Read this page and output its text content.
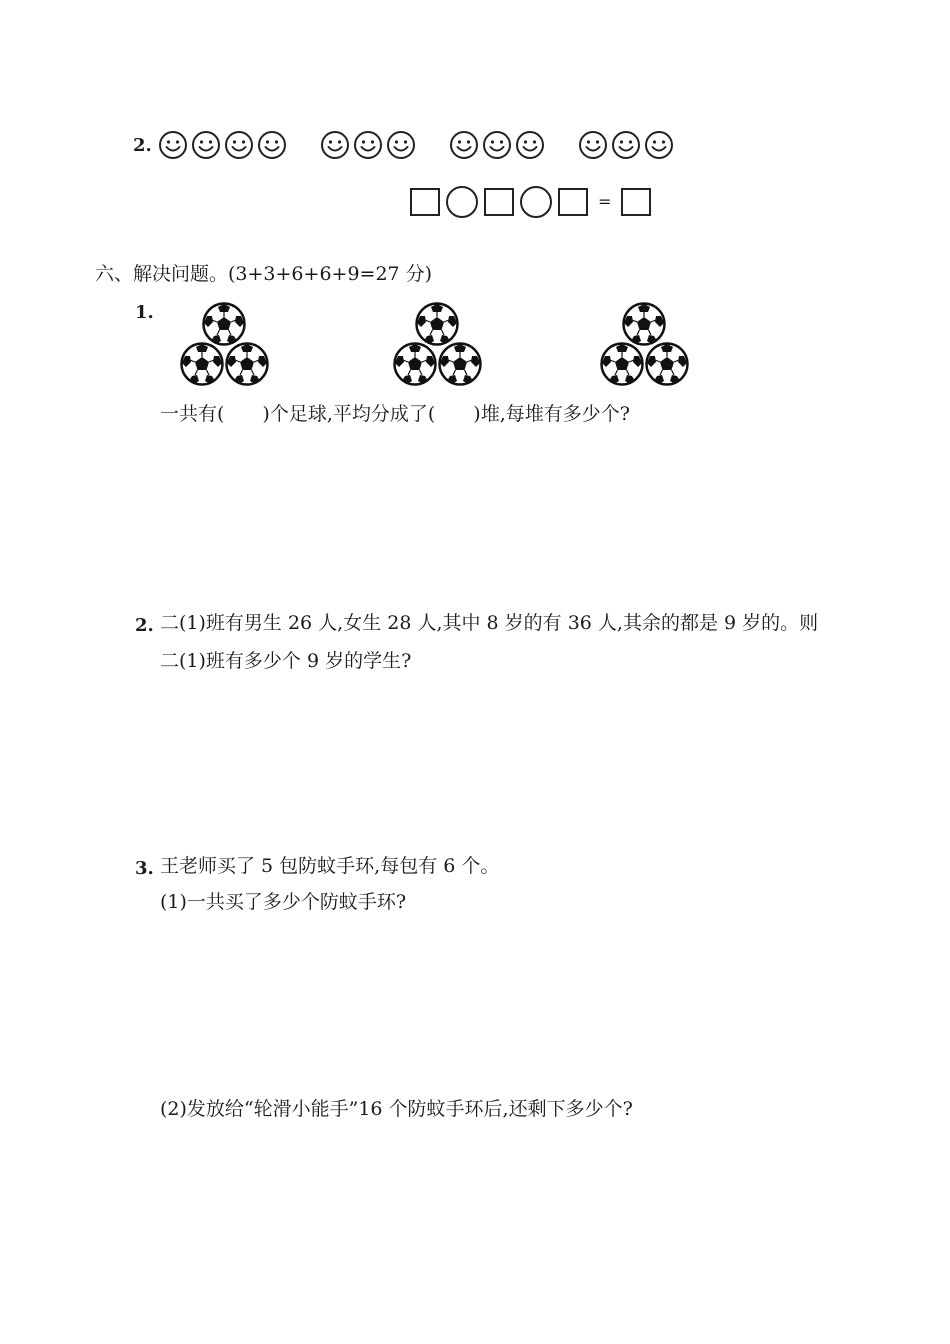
2.
=
六、解决问题。(3+3+6+6+9=27 分)
1.
一共有(　　)个足球,平均分成了(　　)堆,每堆有多少个?
2. 二(1)班有男生 26 人,女生 28 人,其中 8 岁的有 36 人,其余的都是 9 岁的。则
二(1)班有多少个 9 岁的学生?
3. 王老师买了 5 包防蚊手环,每包有 6 个。
(1)一共买了多少个防蚊手环?
(2)发放给“轮滑小能手”16 个防蚊手环后,还剩下多少个?
